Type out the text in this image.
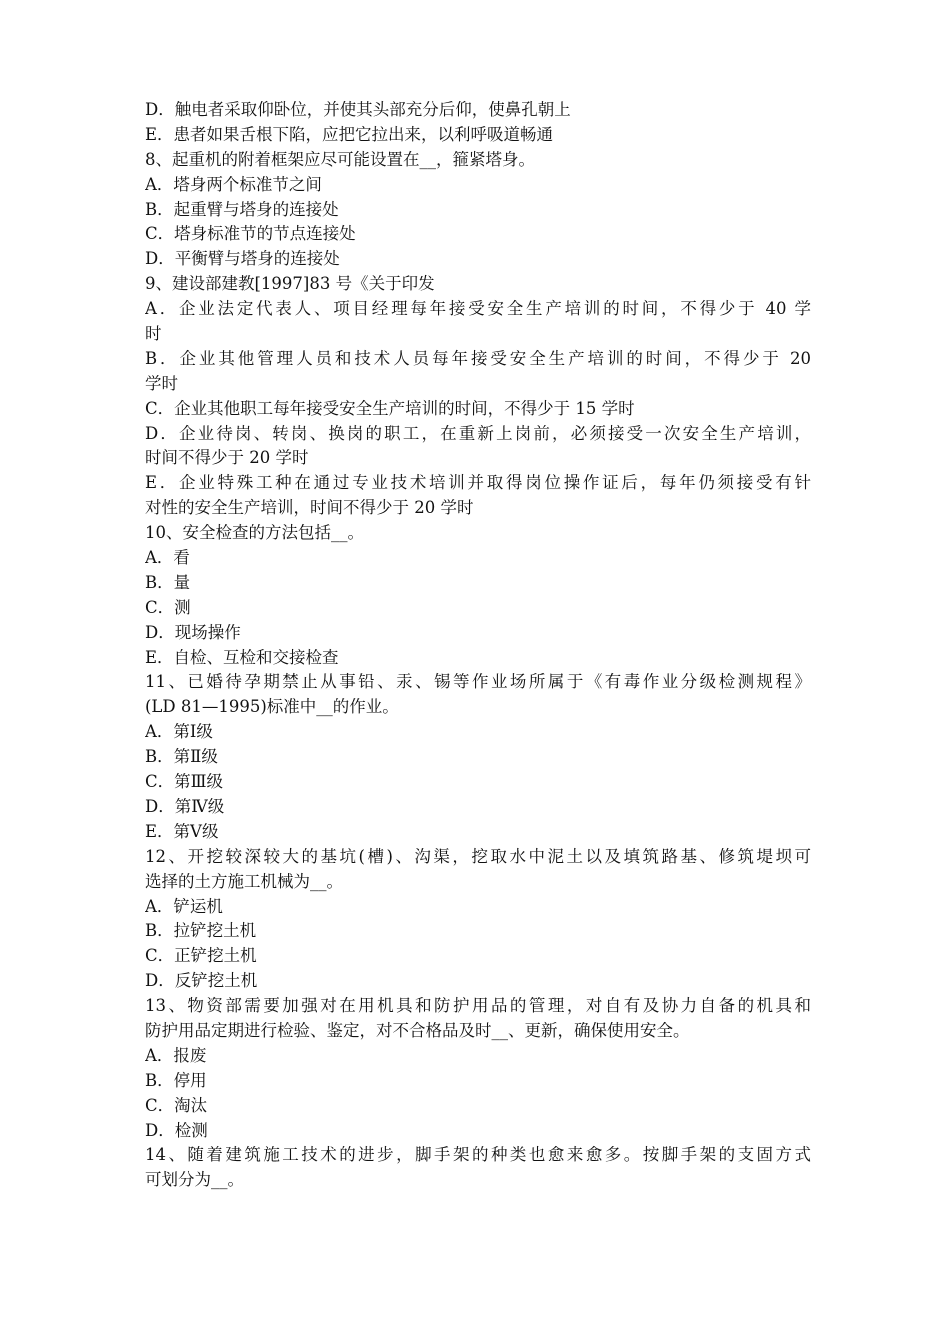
D．触电者采取仰卧位，并使其头部充分后仰，使鼻孔朝上

E．患者如果舌根下陷，应把它拉出来，以利呼吸道畅通

8、起重机的附着框架应尽可能设置在__，箍紧塔身。

A．塔身两个标准节之间

B．起重臂与塔身的连接处

C．塔身标准节的节点连接处

D．平衡臂与塔身的连接处

9、建设部建教[1997]83 号《关于印发

A．企业法定代表人、项目经理每年接受安全生产培训的时间，不得少于 40 学

时

B．企业其他管理人员和技术人员每年接受安全生产培训的时间，不得少于 20

学时

C．企业其他职工每年接受安全生产培训的时间，不得少于 15 学时

D．企业待岗、转岗、换岗的职工，在重新上岗前，必须接受一次安全生产培训，

时间不得少于 20 学时

E．企业特殊工种在通过专业技术培训并取得岗位操作证后，每年仍须接受有针

对性的安全生产培训，时间不得少于 20 学时

10、安全检查的方法包括__。

A．看

B．量

C．测

D．现场操作

E．自检、互检和交接检查

11、已婚待孕期禁止从事铅、汞、锡等作业场所属于《有毒作业分级检测规程》

(LD 81—1995)标准中__的作业。

A．第Ⅰ级

B．第Ⅱ级

C．第Ⅲ级

D．第Ⅳ级

E．第Ⅴ级

12、开挖较深较大的基坑(槽)、沟渠，挖取水中泥土以及填筑路基、修筑堤坝可

选择的土方施工机械为__。

A．铲运机

B．拉铲挖土机

C．正铲挖土机

D．反铲挖土机

13、物资部需要加强对在用机具和防护用品的管理，对自有及协力自备的机具和

防护用品定期进行检验、鉴定，对不合格品及时__、更新，确保使用安全。

A．报废

B．停用

C．淘汰

D．检测

14、随着建筑施工技术的进步，脚手架的种类也愈来愈多。按脚手架的支固方式

可划分为__。
